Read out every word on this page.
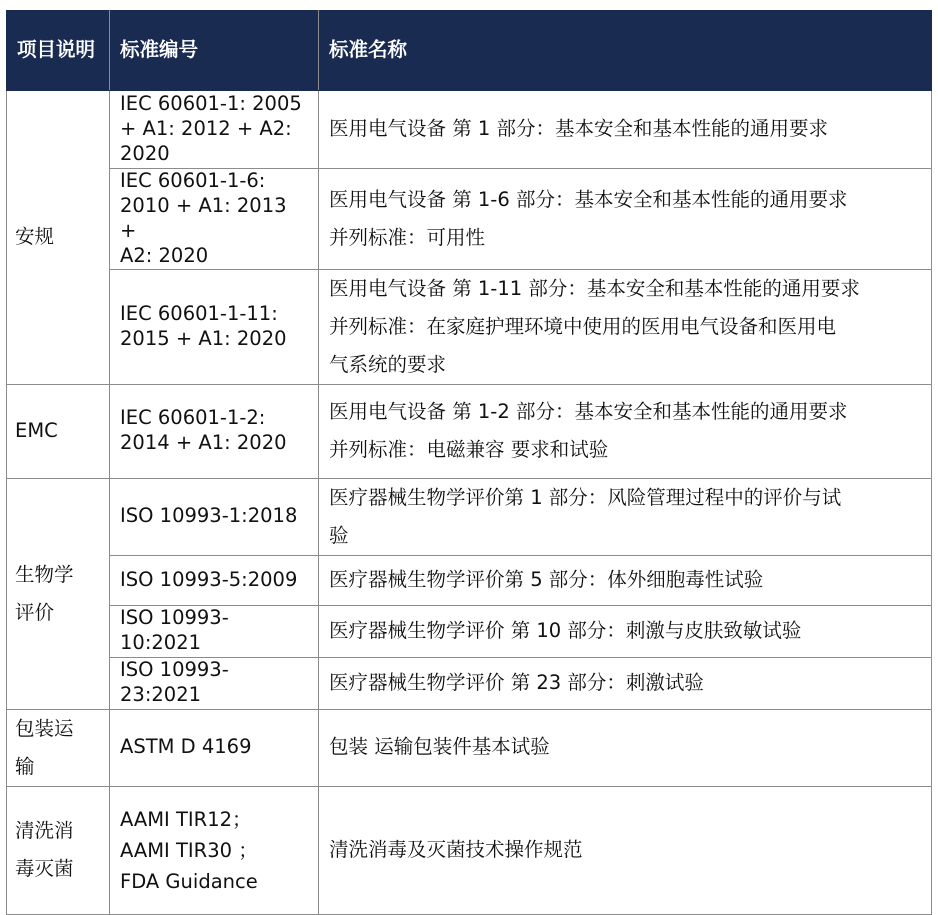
项目说明	标准编号	标准名称
安规	IEC 60601-1: 2005
+ A1: 2012 + A2:
2020	医用电气设备 第 1 部分：基本安全和基本性能的通用要求

	IEC 60601-1-6:
2010 + A1: 2013 +
A2: 2020	医用电气设备 第 1-6 部分：基本安全和基本性能的通用要求
并列标准：可用性

	IEC 60601-1-11:
2015 + A1: 2020	医用电气设备 第 1-11 部分：基本安全和基本性能的通用要求
并列标准：在家庭护理环境中使用的医用电气设备和医用电
气系统的要求

EMC	IEC 60601-1-2:
2014 + A1: 2020	医用电气设备 第 1-2 部分：基本安全和基本性能的通用要求
并列标准：电磁兼容 要求和试验

生物学
评价	ISO 10993-1:2018	医疗器械生物学评价第 1 部分：风险管理过程中的评价与试
验

	ISO 10993-5:2009	医疗器械生物学评价第 5 部分：体外细胞毒性试验

	ISO 10993-
10:2021	医疗器械生物学评价 第 10 部分：刺激与皮肤致敏试验

	ISO 10993-
23:2021	医疗器械生物学评价 第 23 部分：刺激试验

包装运
输	ASTM D 4169	包装 运输包装件基本试验

清洗消
毒灭菌	AAMI TIR12；
AAMI TIR30 ；
FDA Guidance	清洗消毒及灭菌技术操作规范
